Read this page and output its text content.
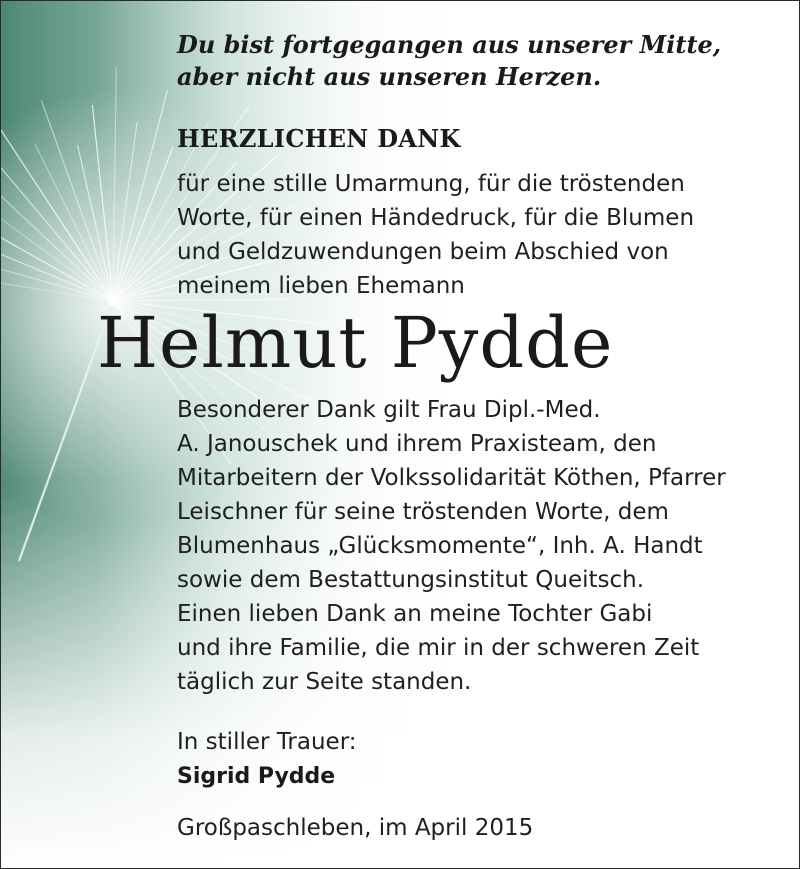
Du bist fortgegangen aus unserer Mitte,
aber nicht aus unseren Herzen.

HERZLICHEN DANK

für eine stille Umarmung, für die tröstenden
Worte, für einen Händedruck, für die Blumen
und Geldzuwendungen beim Abschied von
meinem lieben Ehemann

Helmut Pydde

Besonderer Dank gilt Frau Dipl.-Med.
A. Janouschek und ihrem Praxisteam, den
Mitarbeitern der Volkssolidarität Köthen, Pfarrer
Leischner für seine tröstenden Worte, dem
Blumenhaus „Glücksmomente“, Inh. A. Handt
sowie dem Bestattungsinstitut Queitsch.

Einen lieben Dank an meine Tochter Gabi
und ihre Familie, die mir in der schweren Zeit
täglich zur Seite standen.

In stiller Trauer:

Sigrid Pydde

Großpaschleben, im April 2015
